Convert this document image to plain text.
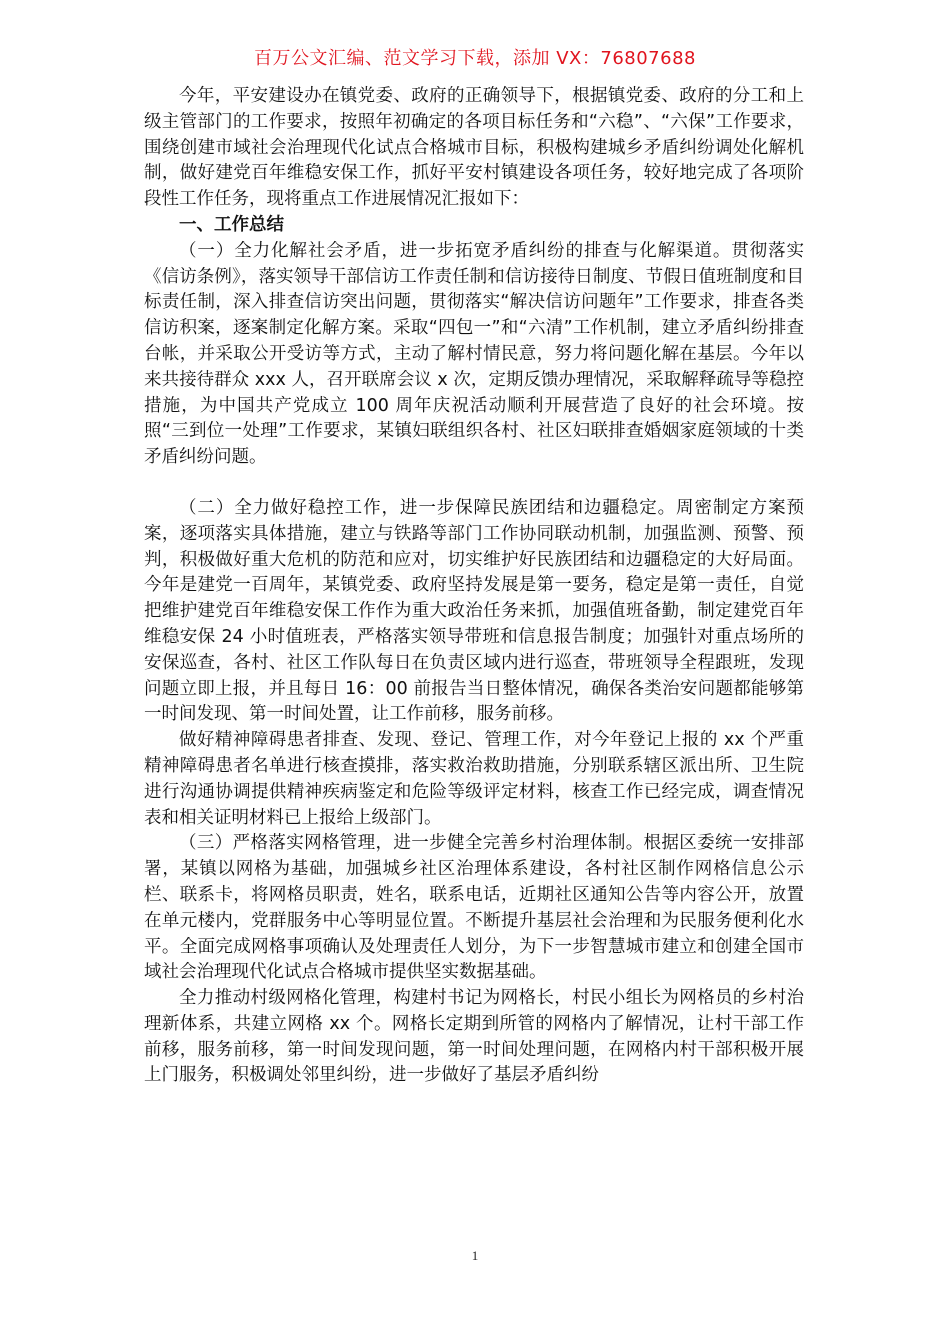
百万公文汇编、范文学习下载，添加 VX：76807688

今年，平安建设办在镇党委、政府的正确领导下，根据镇党委、政府的分工和上级主管部门的工作要求，按照年初确定的各项目标任务和“六稳”、“六保”工作要求，围绕创建市域社会治理现代化试点合格城市目标，积极构建城乡矛盾纠纷调处化解机制，做好建党百年维稳安保工作，抓好平安村镇建设各项任务，较好地完成了各项阶段性工作任务，现将重点工作进展情况汇报如下：

一、工作总结

（一）全力化解社会矛盾，进一步拓宽矛盾纠纷的排查与化解渠道。贯彻落实《信访条例》，落实领导干部信访工作责任制和信访接待日制度、节假日值班制度和目标责任制，深入排查信访突出问题，贯彻落实“解决信访问题年”工作要求，排查各类信访积案，逐案制定化解方案。采取“四包一”和“六清”工作机制，建立矛盾纠纷排查台帐，并采取公开受访等方式，主动了解村情民意，努力将问题化解在基层。今年以来共接待群众 xxx 人，召开联席会议 x 次，定期反馈办理情况，采取解释疏导等稳控措施，为中国共产党成立 100 周年庆祝活动顺利开展营造了良好的社会环境。按照“三到位一处理”工作要求，某镇妇联组织各村、社区妇联排查婚姻家庭领域的十类矛盾纠纷问题。

（二）全力做好稳控工作，进一步保障民族团结和边疆稳定。周密制定方案预案，逐项落实具体措施，建立与铁路等部门工作协同联动机制，加强监测、预警、预判，积极做好重大危机的防范和应对，切实维护好民族团结和边疆稳定的大好局面。今年是建党一百周年，某镇党委、政府坚持发展是第一要务，稳定是第一责任，自觉把维护建党百年维稳安保工作作为重大政治任务来抓，加强值班备勤，制定建党百年维稳安保 24 小时值班表，严格落实领导带班和信息报告制度；加强针对重点场所的安保巡查，各村、社区工作队每日在负责区域内进行巡查，带班领导全程跟班，发现问题立即上报，并且每日 16：00 前报告当日整体情况，确保各类治安问题都能够第一时间发现、第一时间处置，让工作前移，服务前移。

做好精神障碍患者排查、发现、登记、管理工作，对今年登记上报的 xx 个严重精神障碍患者名单进行核查摸排，落实救治救助措施，分别联系辖区派出所、卫生院进行沟通协调提供精神疾病鉴定和危险等级评定材料，核查工作已经完成，调查情况表和相关证明材料已上报给上级部门。

（三）严格落实网格管理，进一步健全完善乡村治理体制。根据区委统一安排部署，某镇以网格为基础，加强城乡社区治理体系建设，各村社区制作网格信息公示栏、联系卡，将网格员职责，姓名，联系电话，近期社区通知公告等内容公开，放置在单元楼内，党群服务中心等明显位置。不断提升基层社会治理和为民服务便利化水平。全面完成网格事项确认及处理责任人划分，为下一步智慧城市建立和创建全国市域社会治理现代化试点合格城市提供坚实数据基础。

全力推动村级网格化管理，构建村书记为网格长，村民小组长为网格员的乡村治理新体系，共建立网格 xx 个。网格长定期到所管的网格内了解情况，让村干部工作前移，服务前移，第一时间发现问题，第一时间处理问题，在网格内村干部积极开展上门服务，积极调处邻里纠纷，进一步做好了基层矛盾纠纷

1
